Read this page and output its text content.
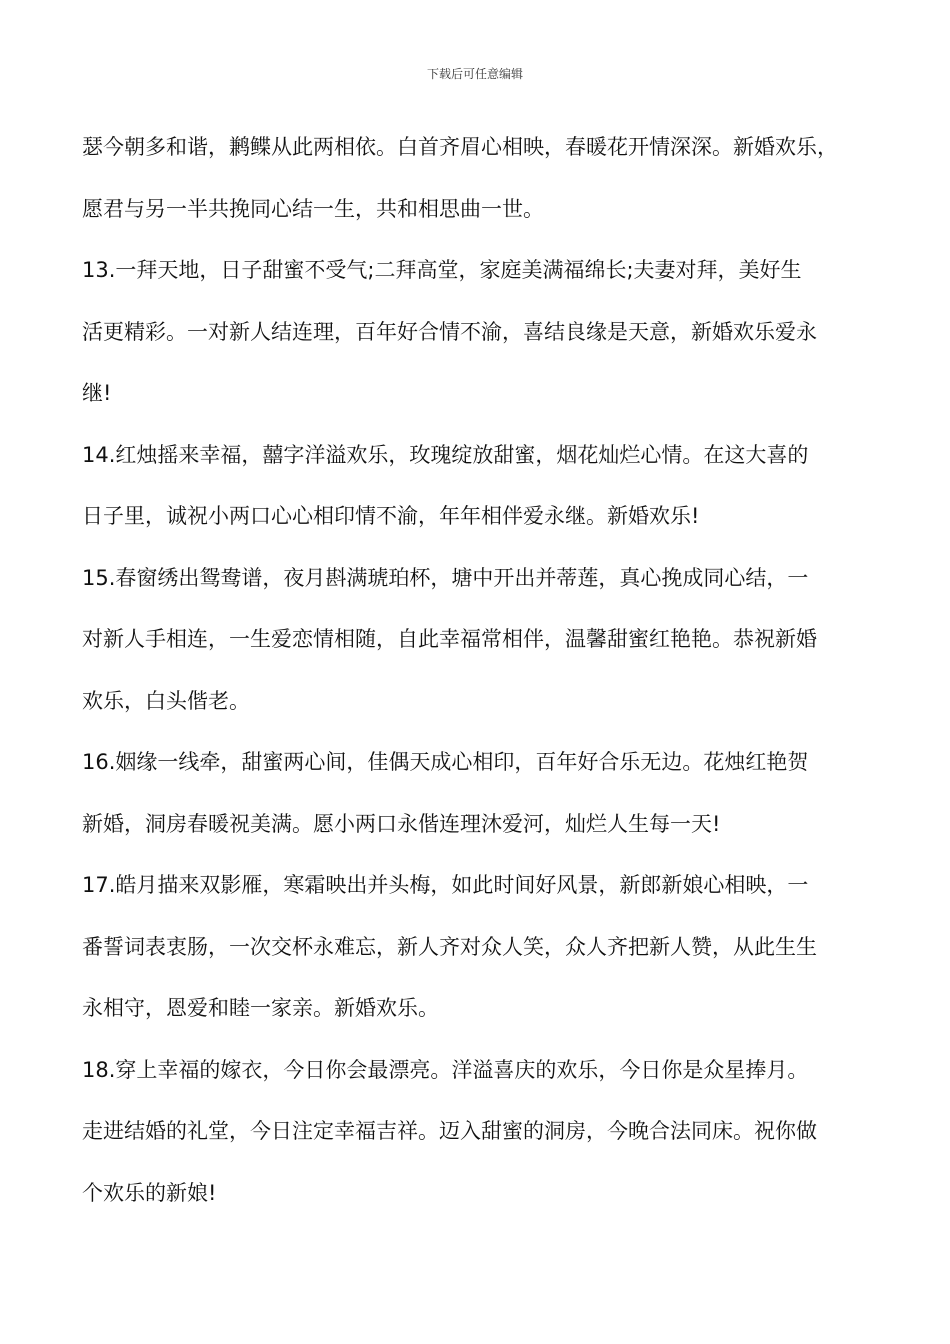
下载后可任意编辑
瑟今朝多和谐，鹣鲽从此两相依。白首齐眉心相映，春暖花开情深深。新婚欢乐，
愿君与另一半共挽同心结一生，共和相思曲一世。
13.一拜天地，日子甜蜜不受气;二拜高堂，家庭美满福绵长;夫妻对拜，美好生
活更精彩。一对新人结连理，百年好合情不渝，喜结良缘是天意，新婚欢乐爱永
继!
14.红烛摇来幸福，囍字洋溢欢乐，玫瑰绽放甜蜜，烟花灿烂心情。在这大喜的
日子里，诚祝小两口心心相印情不渝，年年相伴爱永继。新婚欢乐!
15.春窗绣出鸳鸯谱，夜月斟满琥珀杯，塘中开出并蒂莲，真心挽成同心结，一
对新人手相连，一生爱恋情相随，自此幸福常相伴，温馨甜蜜红艳艳。恭祝新婚
欢乐，白头偕老。
16.姻缘一线牵，甜蜜两心间，佳偶天成心相印，百年好合乐无边。花烛红艳贺
新婚，洞房春暖祝美满。愿小两口永偕连理沐爱河，灿烂人生每一天!
17.皓月描来双影雁，寒霜映出并头梅，如此时间好风景，新郎新娘心相映，一
番誓词表衷肠，一次交杯永难忘，新人齐对众人笑，众人齐把新人赞，从此生生
永相守，恩爱和睦一家亲。新婚欢乐。
18.穿上幸福的嫁衣，今日你会最漂亮。洋溢喜庆的欢乐，今日你是众星捧月。
走进结婚的礼堂，今日注定幸福吉祥。迈入甜蜜的洞房，今晚合法同床。祝你做
个欢乐的新娘!
